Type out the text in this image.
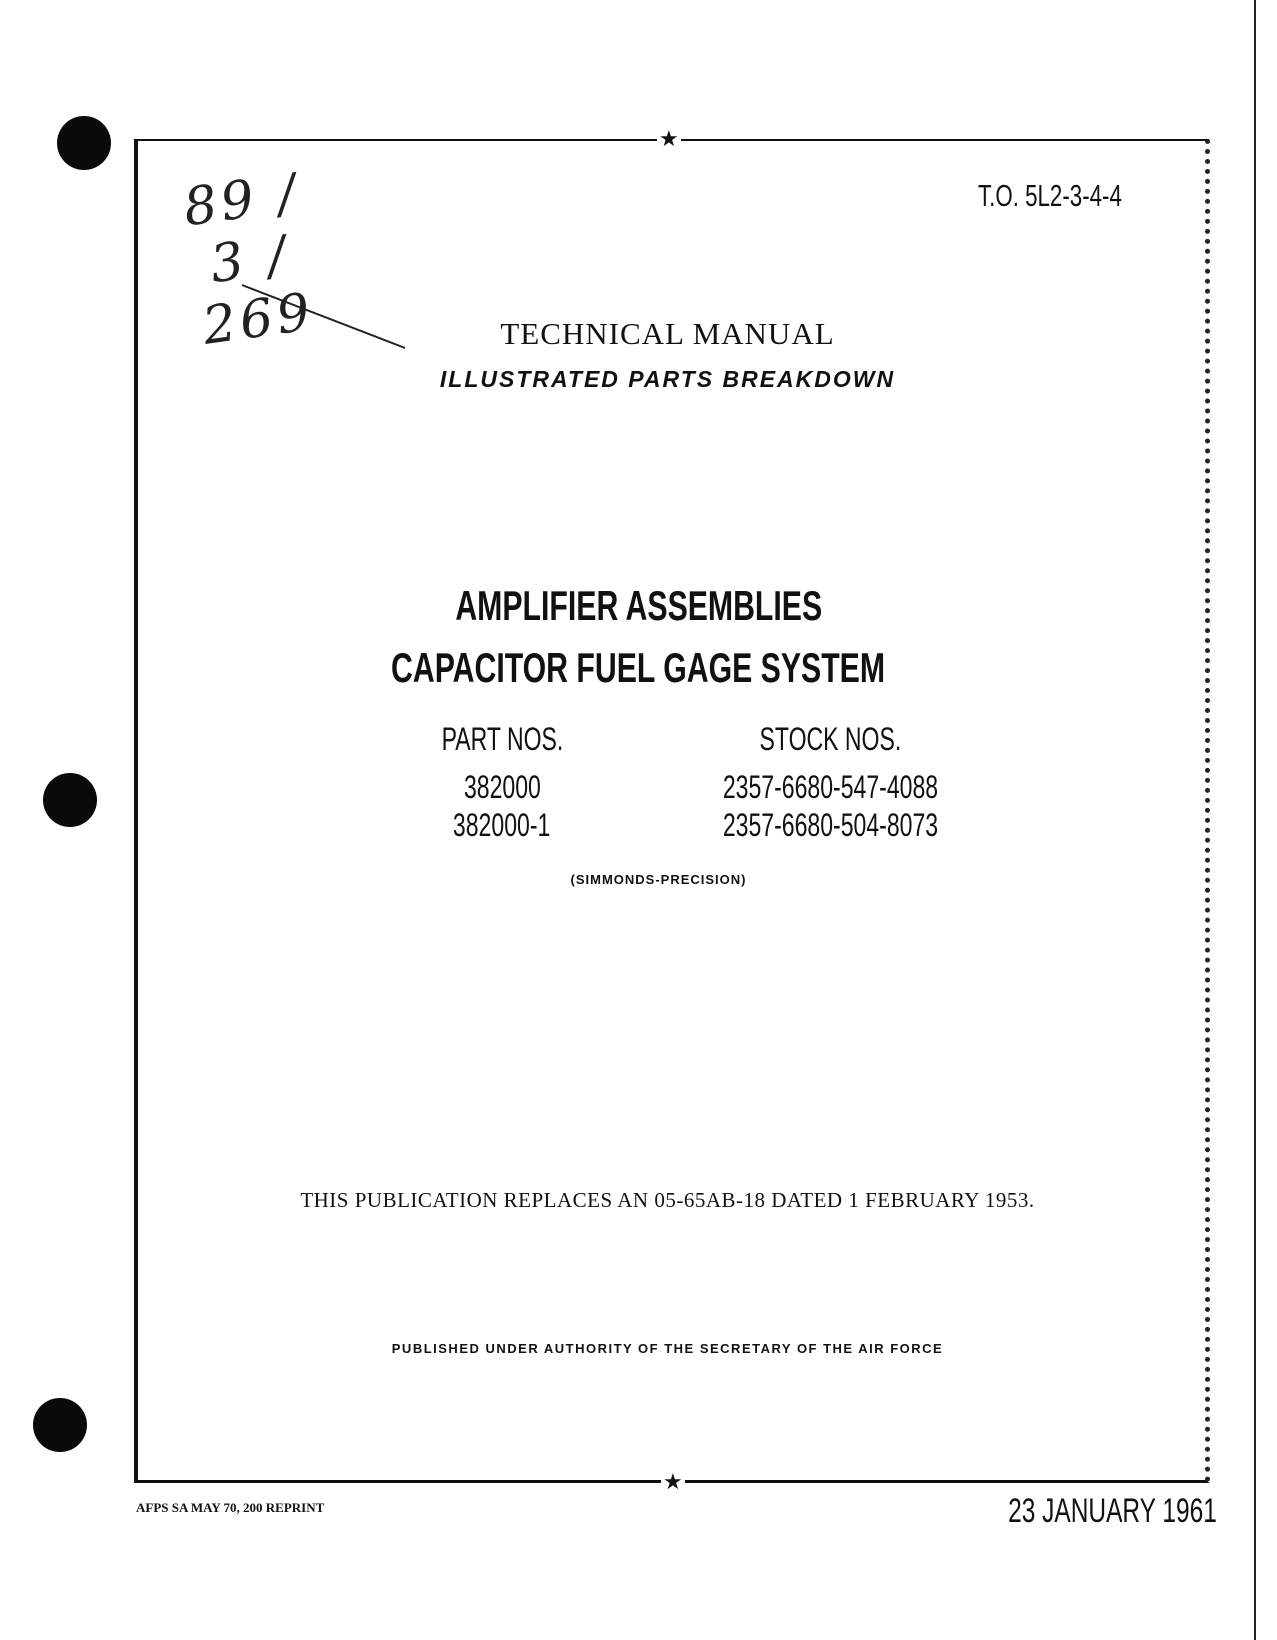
★
★
89 / 3 / 269
T.O. 5L2-3-4-4
TECHNICAL MANUAL
ILLUSTRATED PARTS BREAKDOWN
AMPLIFIER ASSEMBLIES
CAPACITOR FUEL GAGE SYSTEM
PART NOS.
382000
382000-1
STOCK NOS.
2357-6680-547-4088
2357-6680-504-8073
(SIMMONDS-PRECISION)
THIS PUBLICATION REPLACES AN 05-65AB-18 DATED 1 FEBRUARY 1953.
PUBLISHED UNDER AUTHORITY OF THE SECRETARY OF THE AIR FORCE
AFPS SA MAY 70, 200 REPRINT	23 JANUARY 1961
